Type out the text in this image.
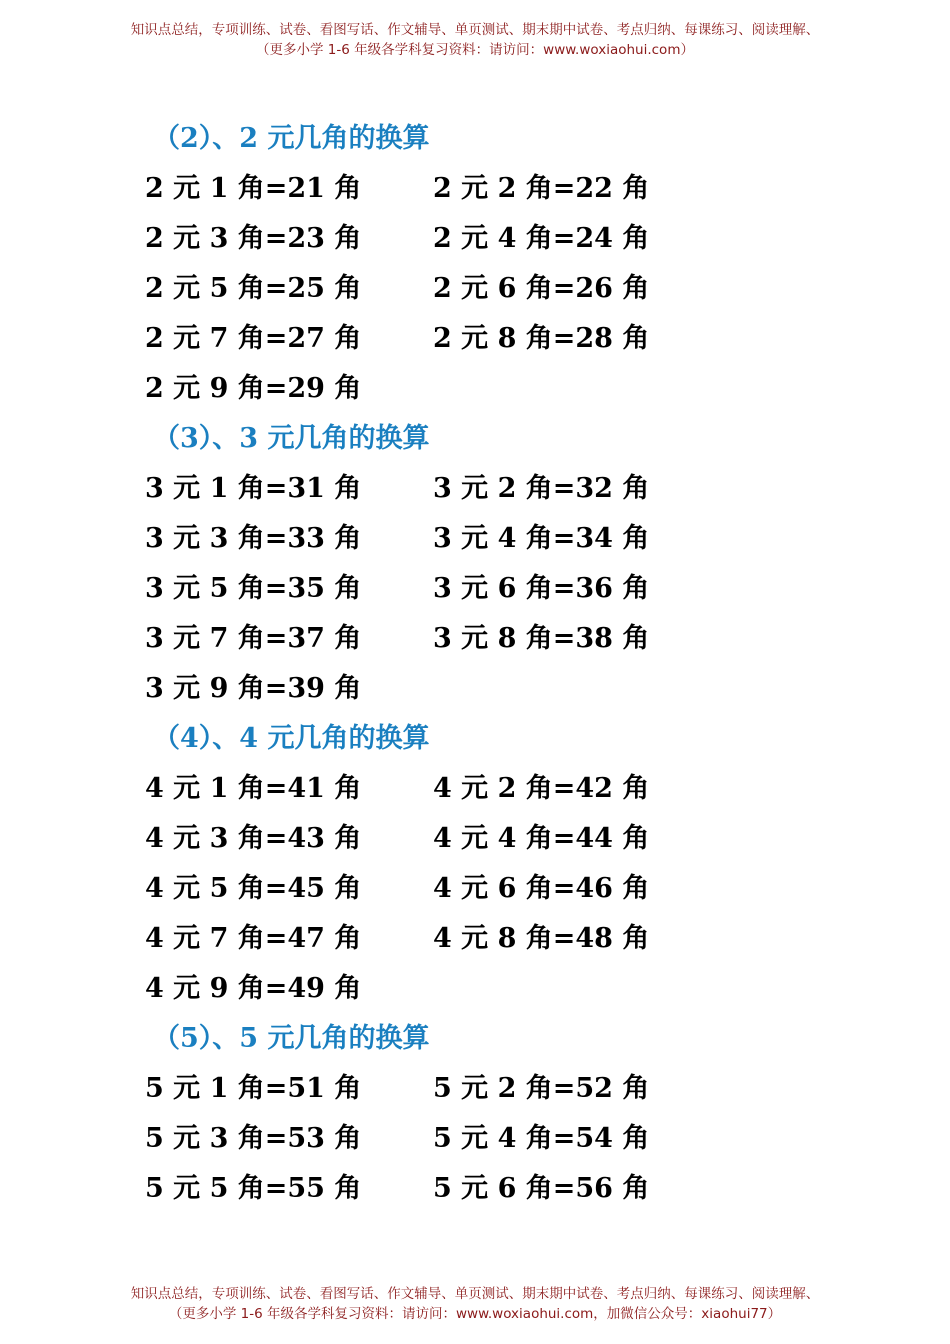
知识点总结，专项训练、试卷、看图写话、作文辅导、单页测试、期末期中试卷、考点归纳、每课练习、阅读理解、
（更多小学 1-6 年级各学科复习资料：请访问：www.woxiaohui.com）
（2）、2 元几角的换算
2 元 1 角=21 角	2 元 2 角=22 角
2 元 3 角=23 角	2 元 4 角=24 角
2 元 5 角=25 角	2 元 6 角=26 角
2 元 7 角=27 角	2 元 8 角=28 角
2 元 9 角=29 角
（3）、3 元几角的换算
3 元 1 角=31 角	3 元 2 角=32 角
3 元 3 角=33 角	3 元 4 角=34 角
3 元 5 角=35 角	3 元 6 角=36 角
3 元 7 角=37 角	3 元 8 角=38 角
3 元 9 角=39 角
（4）、4 元几角的换算
4 元 1 角=41 角	4 元 2 角=42 角
4 元 3 角=43 角	4 元 4 角=44 角
4 元 5 角=45 角	4 元 6 角=46 角
4 元 7 角=47 角	4 元 8 角=48 角
4 元 9 角=49 角
（5）、5 元几角的换算
5 元 1 角=51 角	5 元 2 角=52 角
5 元 3 角=53 角	5 元 4 角=54 角
5 元 5 角=55 角	5 元 6 角=56 角
知识点总结，专项训练、试卷、看图写话、作文辅导、单页测试、期末期中试卷、考点归纳、每课练习、阅读理解、
（更多小学 1-6 年级各学科复习资料：请访问：www.woxiaohui.com，加微信公众号：xiaohui77）
